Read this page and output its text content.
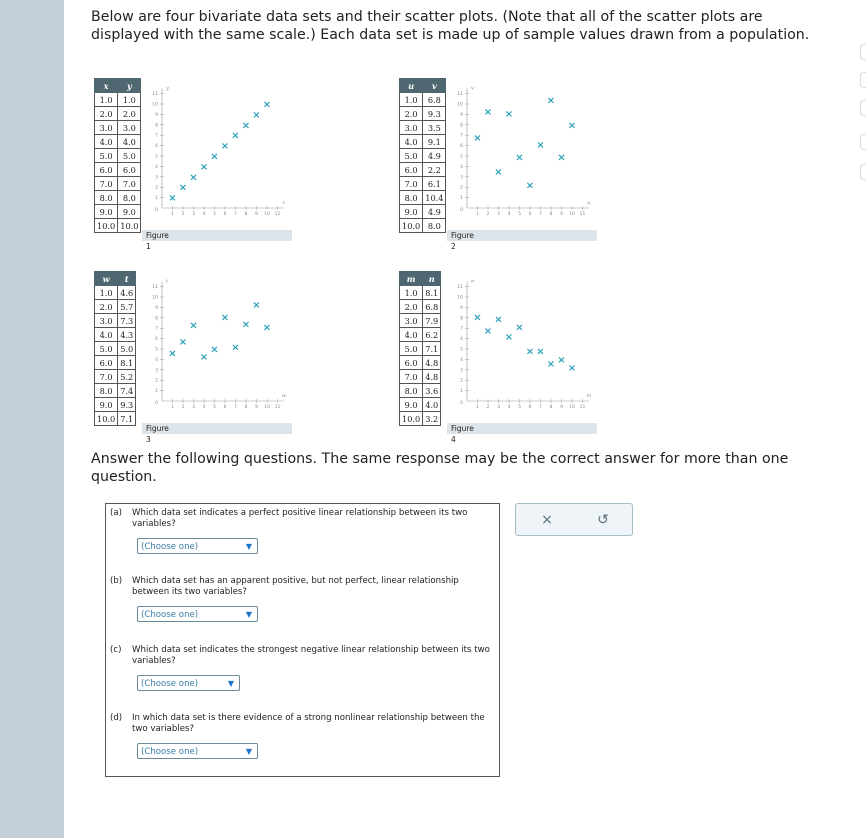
Below are four bivariate data sets and their scatter plots. (Note that all of the scatter plots are displayed with the same scale.) Each data set is made up of sample values drawn from a population.
x	y
1.0	1.0
2.0	2.0
3.0	3.0
4.0	4.0
5.0	5.0
6.0	6.0
7.0	7.0
8.0	8.0
9.0	9.0
10.0	10.0
Figure 1
1 2 3 4 5 6 7 8 9 10 11
1
2
3
4
5
6
7
8
9
10
11
0
x
y
×
×
×
×
×
×
×
×
×
×
u	v
1.0	6.8
2.0	9.3
3.0	3.5
4.0	9.1
5.0	4.9
6.0	2.2
7.0	6.1
8.0	10.4
9.0	4.9
10.0	8.0
Figure 2
1 2 3 4 5 6 7 8 9 10 11
1
2
3
4
5
6
7
8
9
10
11
0
u
v
×
×
×
×
×
×
×
×
×
×
w	t
1.0	4.6
2.0	5.7
3.0	7.3
4.0	4.3
5.0	5.0
6.0	8.1
7.0	5.2
8.0	7.4
9.0	9.3
10.0	7.1
Figure 3
1 2 3 4 5 6 7 8 9 10 11
1
2
3
4
5
6
7
8
9
10
11
0
w
t
×
×
×
×
×
×
×
×
×
×
m	n
1.0	8.1
2.0	6.8
3.0	7.9
4.0	6.2
5.0	7.1
6.0	4.8
7.0	4.8
8.0	3.6
9.0	4.0
10.0	3.2
Figure 4
1 2 3 4 5 6 7 8 9 10 11
1
2
3
4
5
6
7
8
9
10
11
0
m
n
×
×
×
×
×
× ×
× ×
×
Answer the following questions. The same response may be the correct answer for more than one question.
(a) Which data set indicates a perfect positive linear relationship between its two variables?
(Choose one)	▼
(b) Which data set has an apparent positive, but not perfect, linear relationship between its two variables?
(Choose one)	▼
(c) Which data set indicates the strongest negative linear relationship between its two variables?
(Choose one)	▼
(d) In which data set is there evidence of a strong nonlinear relationship between the two variables?
(Choose one)	▼
×	↺
